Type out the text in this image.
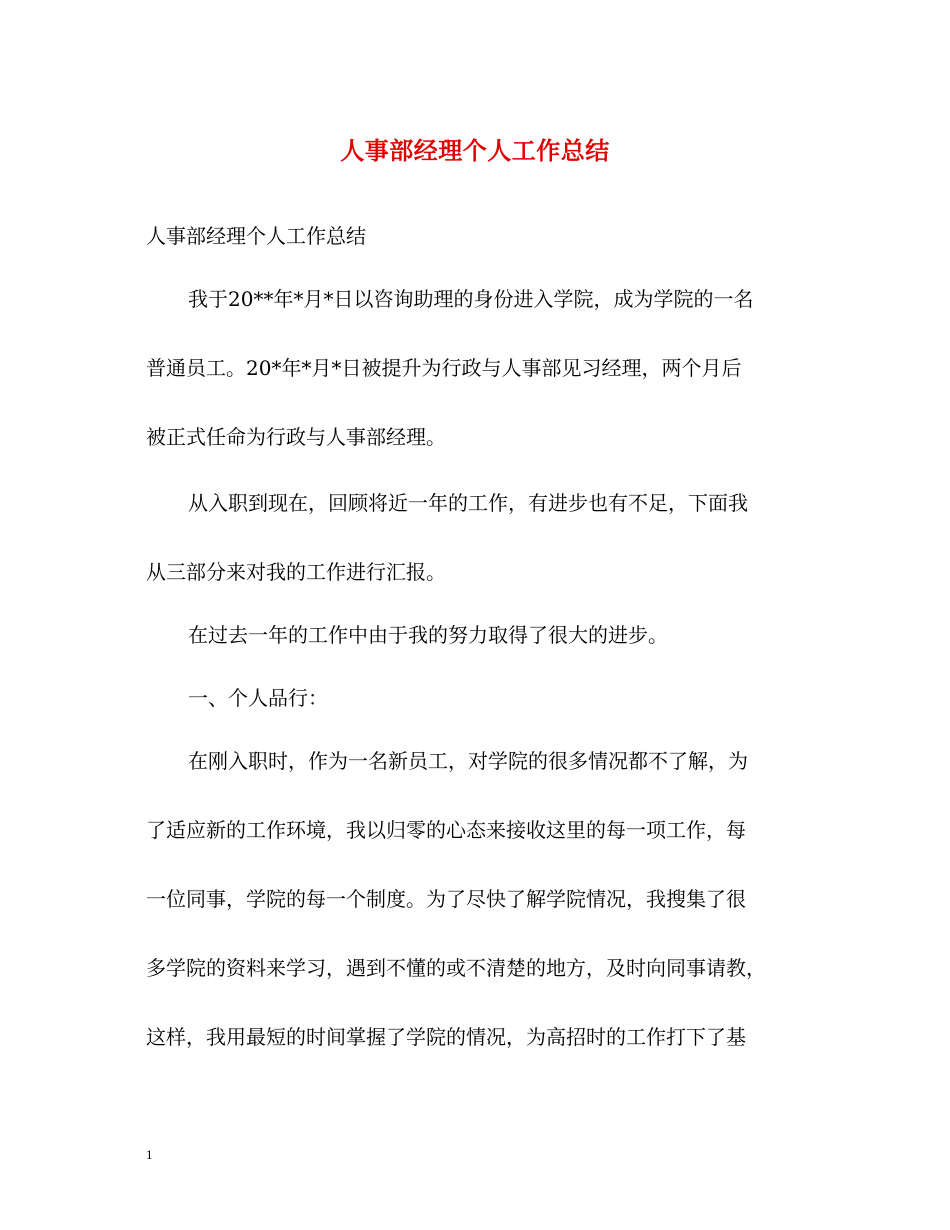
人事部经理个人工作总结
人事部经理个人工作总结
我于20**年*月*日以咨询助理的身份进入学院，成为学院的一名
普通员工。20*年*月*日被提升为行政与人事部见习经理，两个月后
被正式任命为行政与人事部经理。
从入职到现在，回顾将近一年的工作，有进步也有不足，下面我
从三部分来对我的工作进行汇报。
在过去一年的工作中由于我的努力取得了很大的进步。
一、个人品行：
在刚入职时，作为一名新员工，对学院的很多情况都不了解，为
了适应新的工作环境，我以归零的心态来接收这里的每一项工作，每
一位同事，学院的每一个制度。为了尽快了解学院情况，我搜集了很
多学院的资料来学习，遇到不懂的或不清楚的地方，及时向同事请教，
这样，我用最短的时间掌握了学院的情况，为高招时的工作打下了基
1
